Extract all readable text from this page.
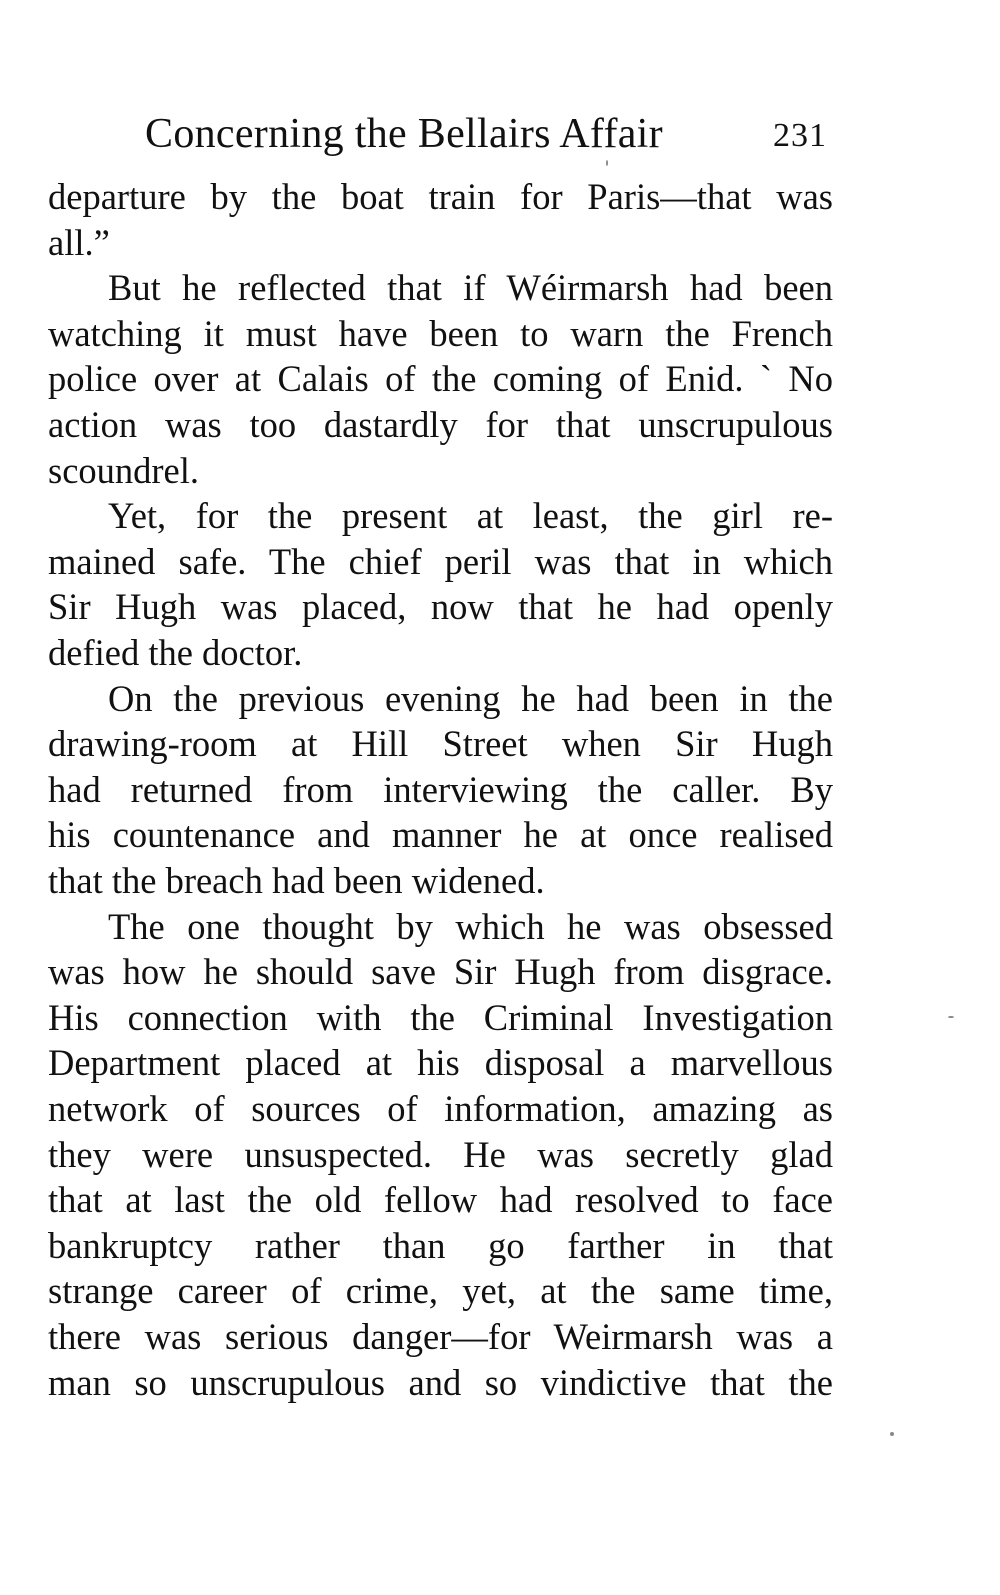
Concerning the Bellairs Affair	231
departure by the boat train for Paris—that was
all.”
But he reflected that if Wéirmarsh had been
watching it must have been to warn the French
police over at Calais of the coming of Enid. ` No
action was too dastardly for that unscrupulous
scoundrel.
Yet, for the present at least, the girl re-
mained safe. The chief peril was that in which
Sir Hugh was placed, now that he had openly
defied the doctor.
On the previous evening he had been in the
drawing-room at Hill Street when Sir Hugh
had returned from interviewing the caller. By
his countenance and manner he at once realised
that the breach had been widened.
The one thought by which he was obsessed
was how he should save Sir Hugh from disgrace.
His connection with the Criminal Investigation
Department placed at his disposal a marvellous
network of sources of information, amazing as
they were unsuspected. He was secretly glad
that at last the old fellow had resolved to face
bankruptcy rather than go farther in that
strange career of crime, yet, at the same time,
there was serious danger—for Weirmarsh was a
man so unscrupulous and so vindictive that the
